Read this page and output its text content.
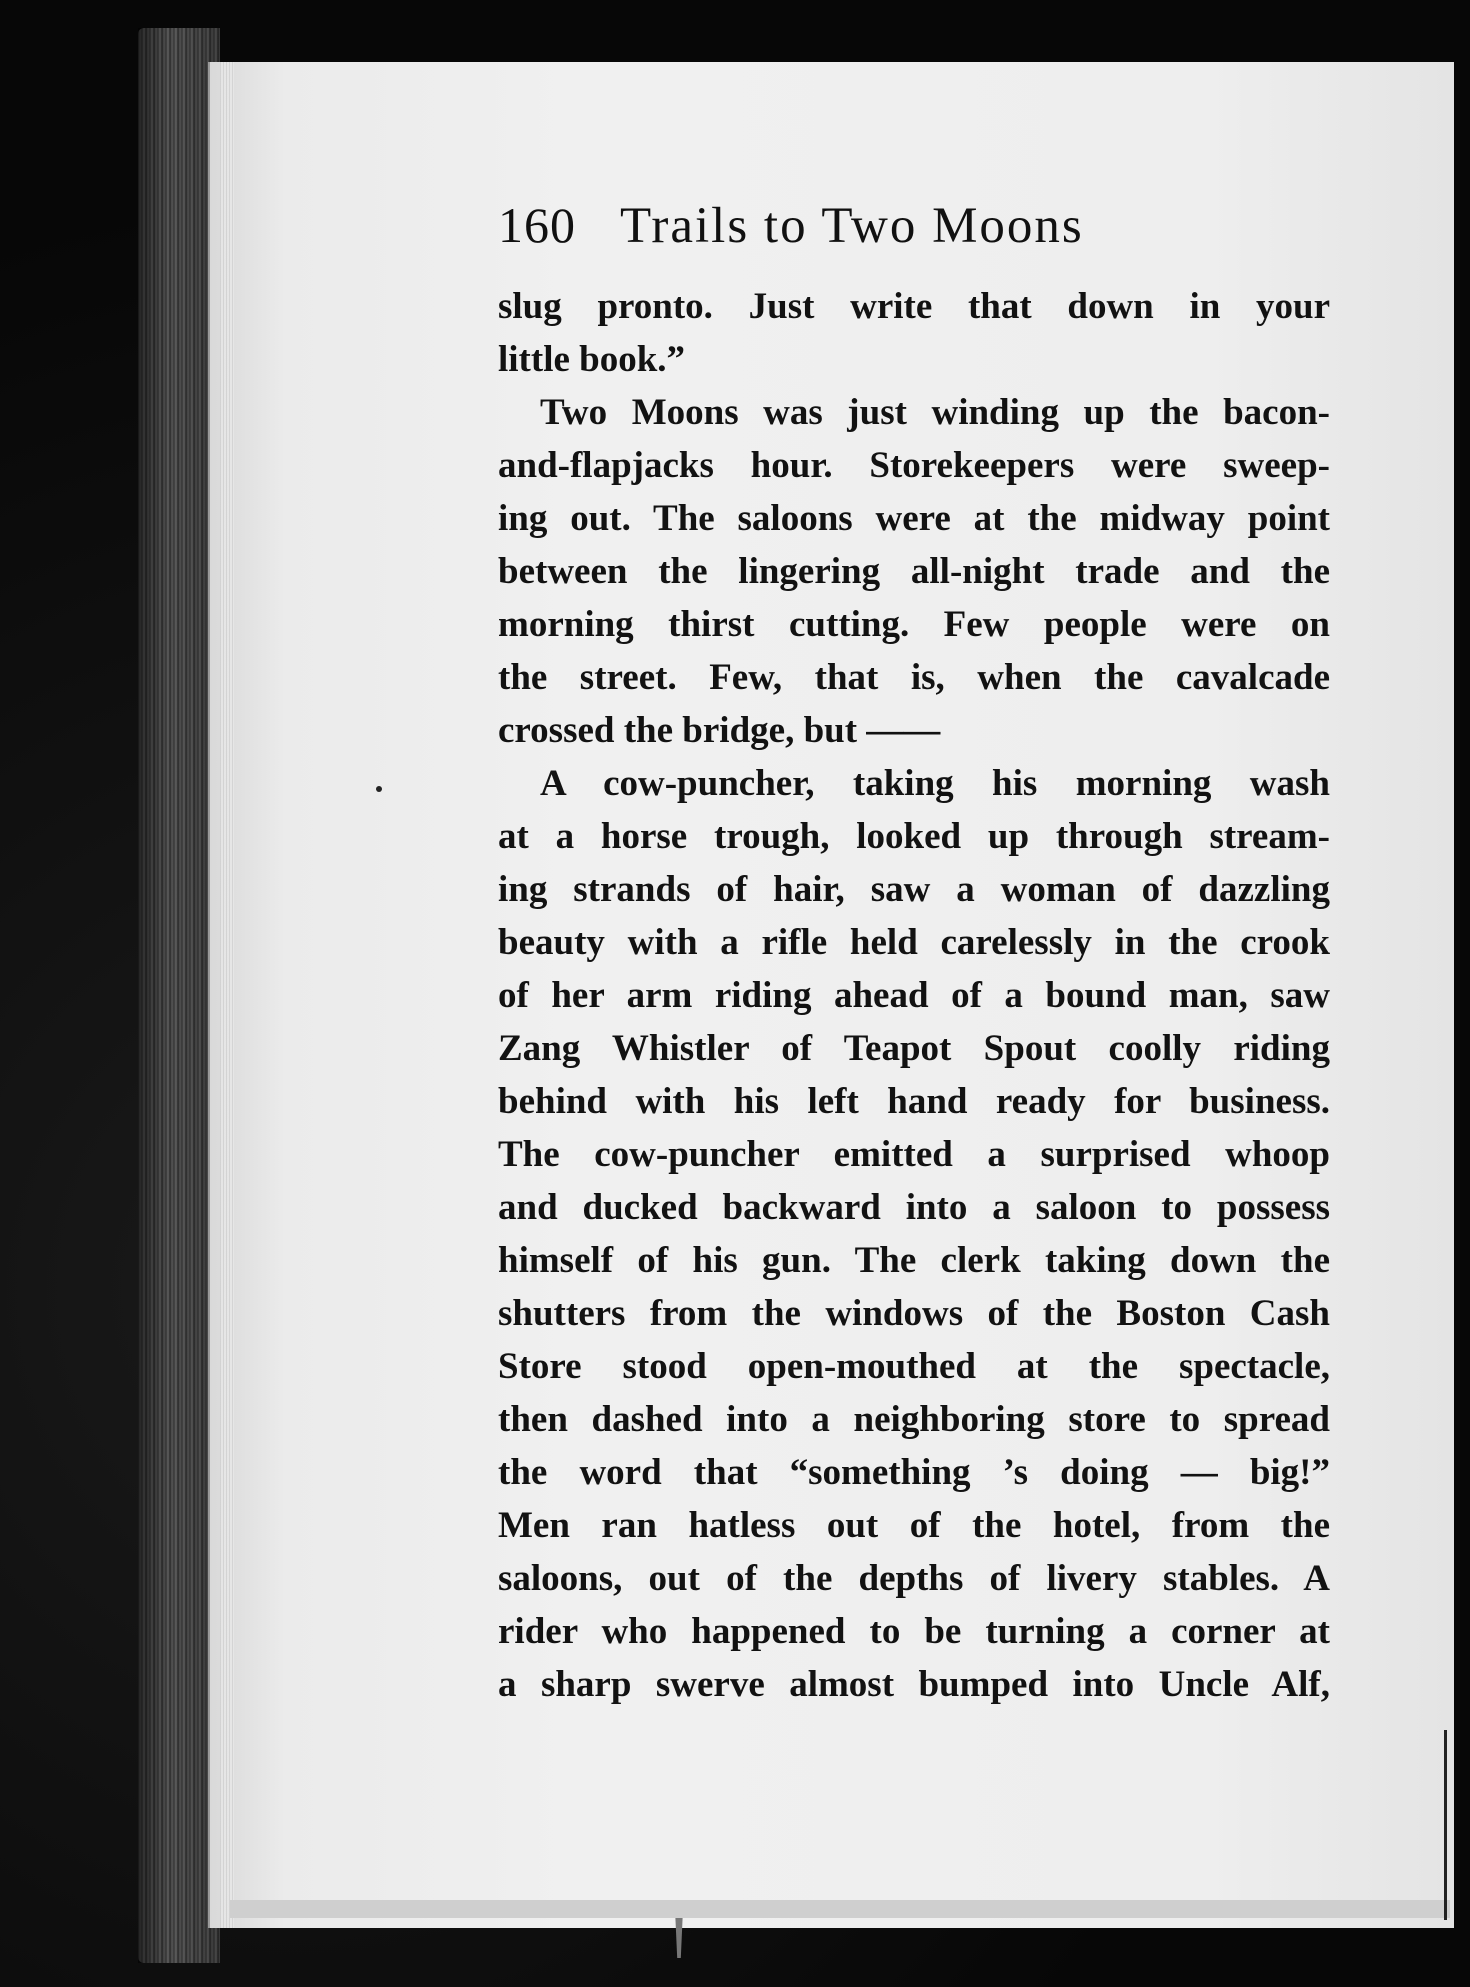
160 Trails to Two Moons
slug pronto. Just write that down in your
little book.”
Two Moons was just winding up the bacon-
and-flapjacks hour. Storekeepers were sweep-
ing out. The saloons were at the midway point
between the lingering all-night trade and the
morning thirst cutting. Few people were on
the street. Few, that is, when the cavalcade
crossed the bridge, but ——
A cow-puncher, taking his morning wash
at a horse trough, looked up through stream-
ing strands of hair, saw a woman of dazzling
beauty with a rifle held carelessly in the crook
of her arm riding ahead of a bound man, saw
Zang Whistler of Teapot Spout coolly riding
behind with his left hand ready for business.
The cow-puncher emitted a surprised whoop
and ducked backward into a saloon to possess
himself of his gun. The clerk taking down the
shutters from the windows of the Boston Cash
Store stood open-mouthed at the spectacle,
then dashed into a neighboring store to spread
the word that “something ’s doing — big!”
Men ran hatless out of the hotel, from the
saloons, out of the depths of livery stables. A
rider who happened to be turning a corner at
a sharp swerve almost bumped into Uncle Alf,
